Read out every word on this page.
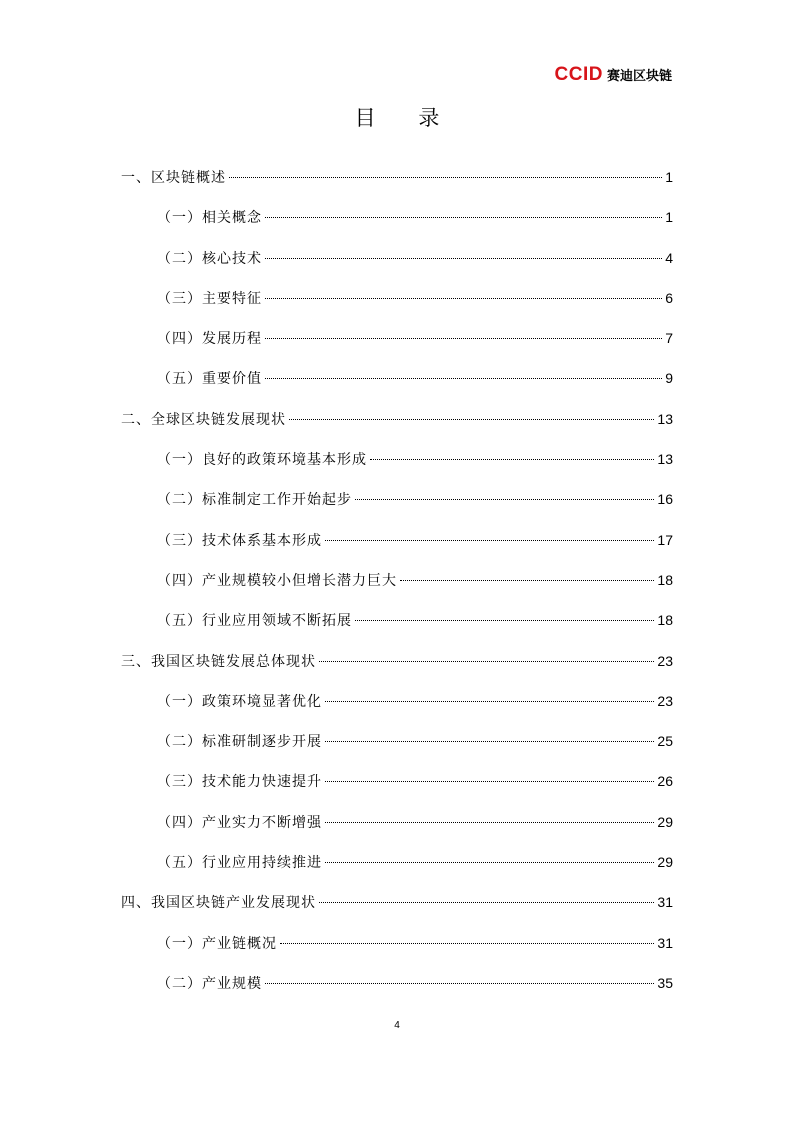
CCID 赛迪区块链
目 录
一、区块链概述	1
（一）相关概念	1
（二）核心技术	4
（三）主要特征	6
（四）发展历程	7
（五）重要价值	9
二、全球区块链发展现状	13
（一）良好的政策环境基本形成	13
（二）标准制定工作开始起步	16
（三）技术体系基本形成	17
（四）产业规模较小但增长潜力巨大	18
（五）行业应用领域不断拓展	18
三、我国区块链发展总体现状	23
（一）政策环境显著优化	23
（二）标准研制逐步开展	25
（三）技术能力快速提升	26
（四）产业实力不断增强	29
（五）行业应用持续推进	29
四、我国区块链产业发展现状	31
（一）产业链概况	31
（二）产业规模	35
4
